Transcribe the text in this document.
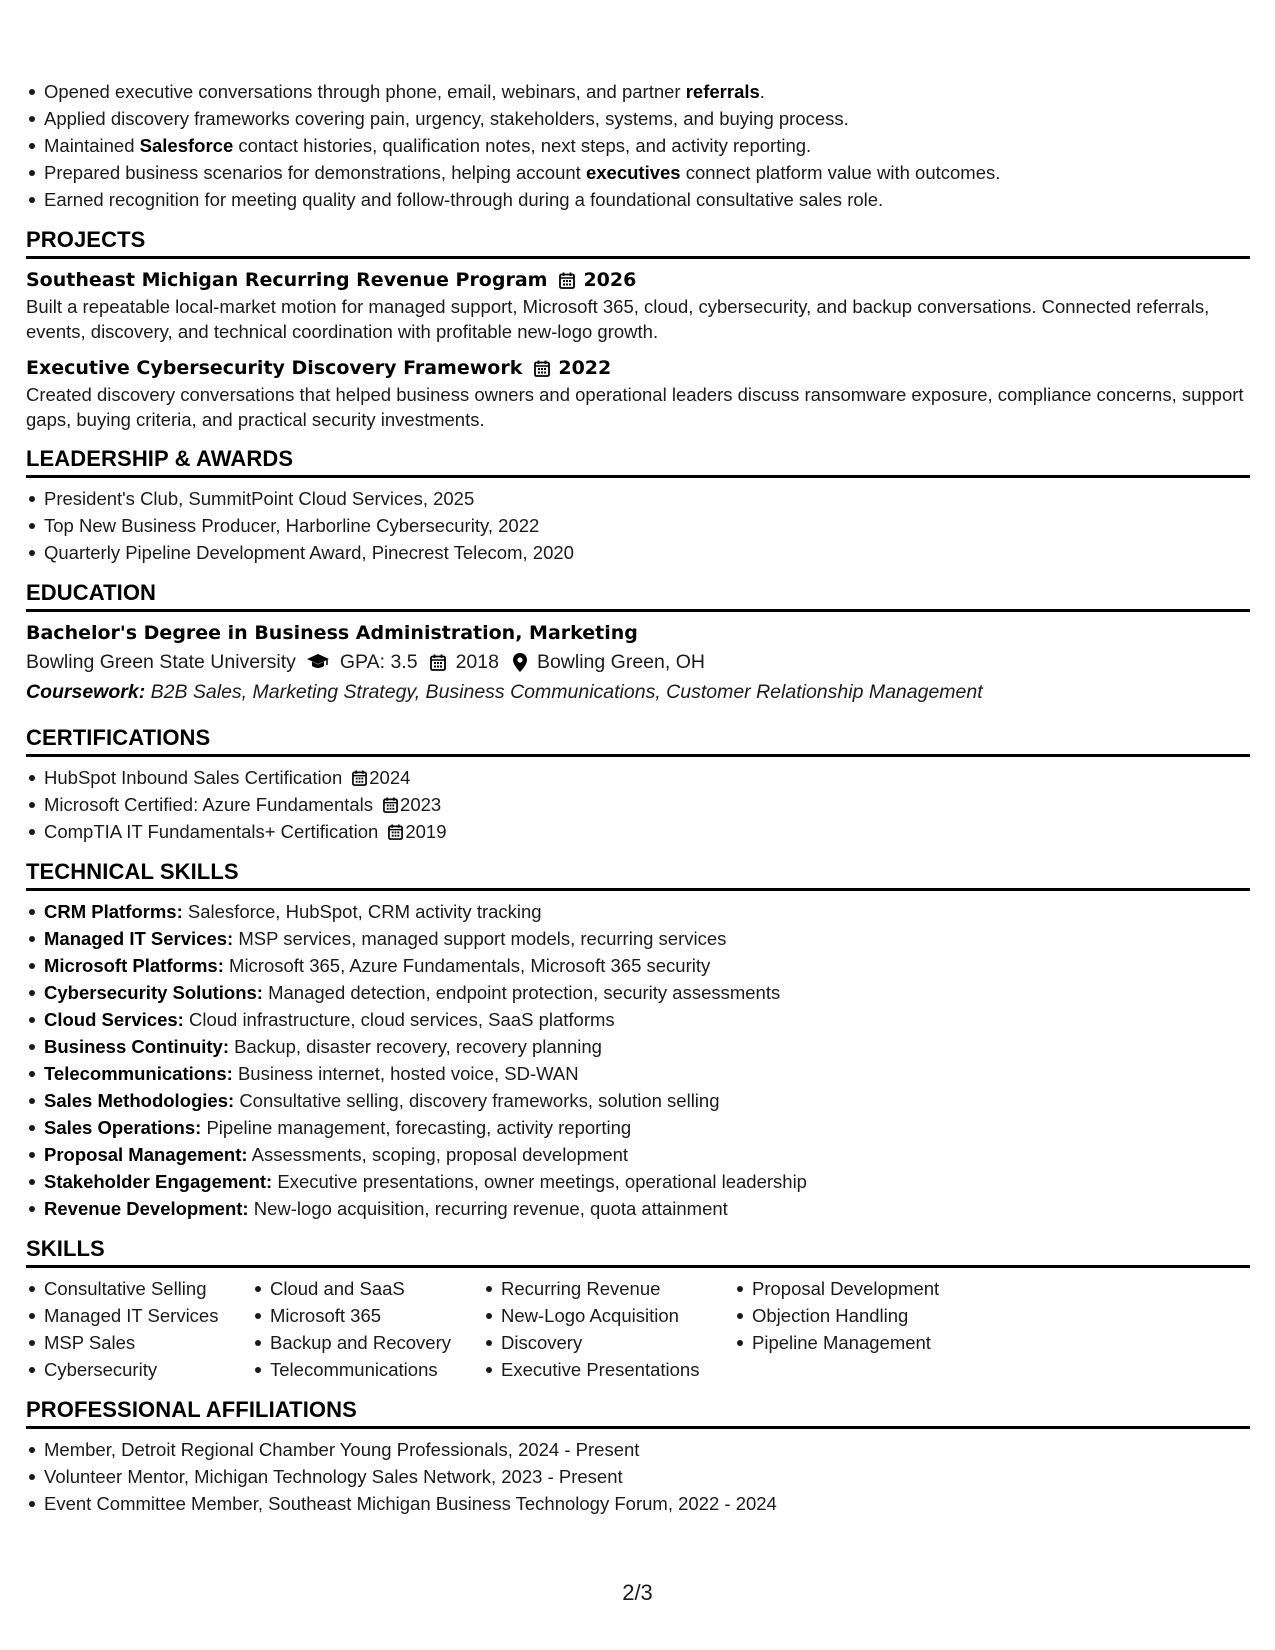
Opened executive conversations through phone, email, webinars, and partner referrals.
Applied discovery frameworks covering pain, urgency, stakeholders, systems, and buying process.
Maintained Salesforce contact histories, qualification notes, next steps, and activity reporting.
Prepared business scenarios for demonstrations, helping account executives connect platform value with outcomes.
Earned recognition for meeting quality and follow-through during a foundational consultative sales role.
PROJECTS
Southeast Michigan Recurring Revenue Program 2026
Built a repeatable local-market motion for managed support, Microsoft 365, cloud, cybersecurity, and backup conversations. Connected referrals, events, discovery, and technical coordination with profitable new-logo growth.
Executive Cybersecurity Discovery Framework 2022
Created discovery conversations that helped business owners and operational leaders discuss ransomware exposure, compliance concerns, support gaps, buying criteria, and practical security investments.
LEADERSHIP & AWARDS
President's Club, SummitPoint Cloud Services, 2025
Top New Business Producer, Harborline Cybersecurity, 2022
Quarterly Pipeline Development Award, Pinecrest Telecom, 2020
EDUCATION
Bachelor's Degree in Business Administration, Marketing
Bowling Green State University GPA: 3.5 2018 Bowling Green, OH
Coursework: B2B Sales, Marketing Strategy, Business Communications, Customer Relationship Management
CERTIFICATIONS
HubSpot Inbound Sales Certification 2024
Microsoft Certified: Azure Fundamentals 2023
CompTIA IT Fundamentals+ Certification 2019
TECHNICAL SKILLS
CRM Platforms: Salesforce, HubSpot, CRM activity tracking
Managed IT Services: MSP services, managed support models, recurring services
Microsoft Platforms: Microsoft 365, Azure Fundamentals, Microsoft 365 security
Cybersecurity Solutions: Managed detection, endpoint protection, security assessments
Cloud Services: Cloud infrastructure, cloud services, SaaS platforms
Business Continuity: Backup, disaster recovery, recovery planning
Telecommunications: Business internet, hosted voice, SD-WAN
Sales Methodologies: Consultative selling, discovery frameworks, solution selling
Sales Operations: Pipeline management, forecasting, activity reporting
Proposal Management: Assessments, scoping, proposal development
Stakeholder Engagement: Executive presentations, owner meetings, operational leadership
Revenue Development: New-logo acquisition, recurring revenue, quota attainment
SKILLS
Consultative Selling
Managed IT Services
MSP Sales
Cybersecurity
Cloud and SaaS
Microsoft 365
Backup and Recovery
Telecommunications
Recurring Revenue
New-Logo Acquisition
Discovery
Executive Presentations
Proposal Development
Objection Handling
Pipeline Management
PROFESSIONAL AFFILIATIONS
Member, Detroit Regional Chamber Young Professionals, 2024 - Present
Volunteer Mentor, Michigan Technology Sales Network, 2023 - Present
Event Committee Member, Southeast Michigan Business Technology Forum, 2022 - 2024
2/3
